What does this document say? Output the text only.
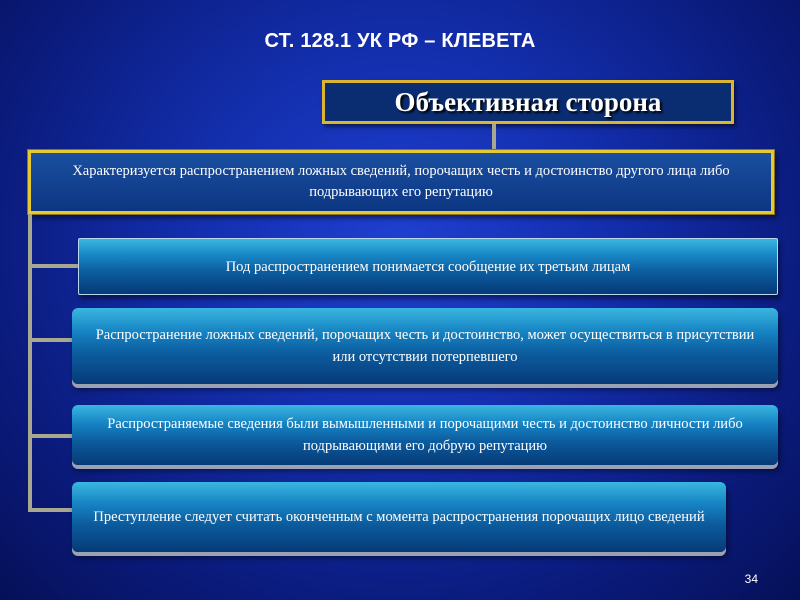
СТ. 128.1 УК РФ – КЛЕВЕТА
Объективная сторона
Характеризуется распространением ложных сведений, порочащих честь и достоинство другого лица либо подрывающих его репутацию
Под распространением понимается сообщение их третьим лицам
Распространение ложных сведений, порочащих честь и достоинство, может осуществиться в присутствии или отсутствии потерпевшего
Распространяемые сведения были вымышленными и порочащими честь и достоинство личности либо подрывающими его добрую репутацию
Преступление следует считать оконченным с момента распространения порочащих лицо сведений
34
